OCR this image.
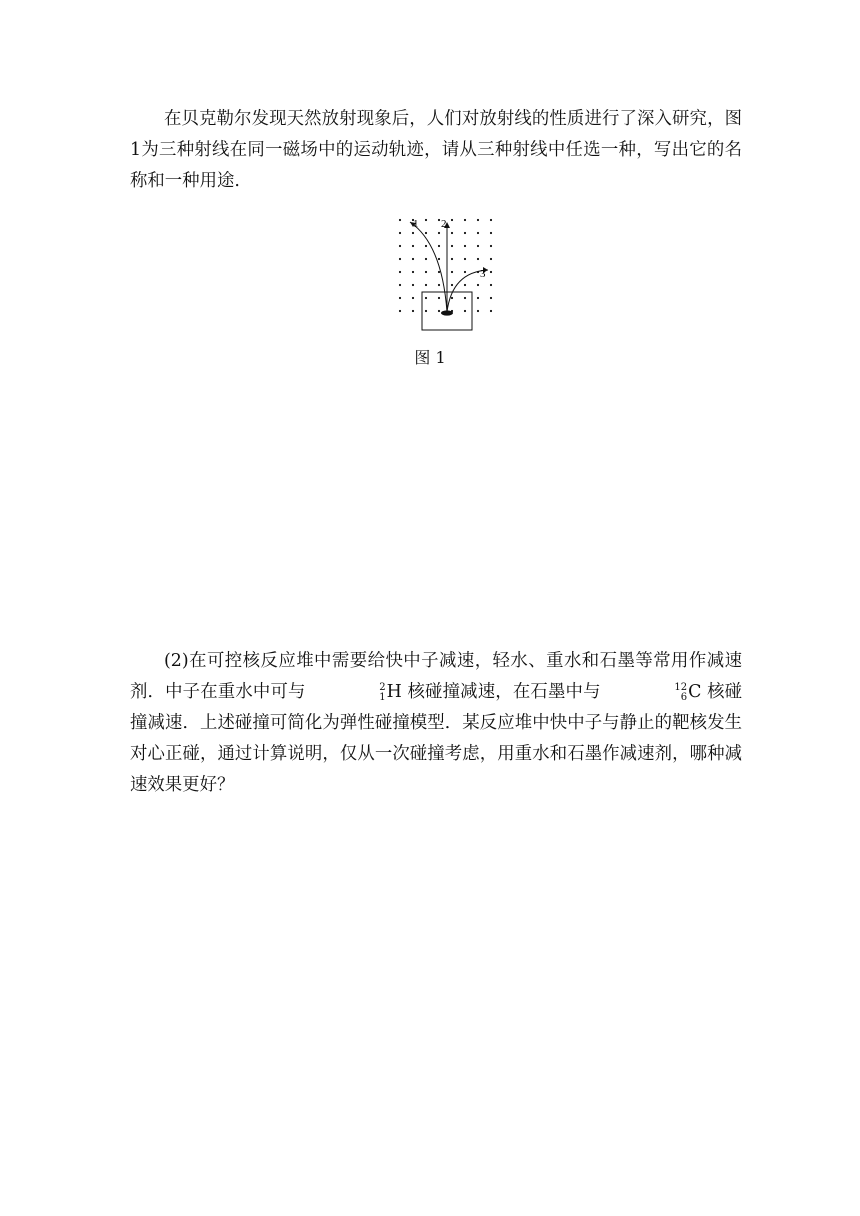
在贝克勒尔发现天然放射现象后，人们对放射线的性质进行了深入研究，图1为三种射线在同一磁场中的运动轨迹，请从三种射线中任选一种，写出它的名称和一种用途.

1 2
3
图 1

(2)在可控核反应堆中需要给快中子减速，轻水、重水和石墨等常用作减速剂．中子在重水中可与	2
1 H 核碰撞减速，在石墨中与	12
6 C 核碰撞减速．上述碰撞可简化为弹性碰撞模型．某反应堆中快中子与静止的靶核发生对心正碰，通过计算说明，仅从一次碰撞考虑，用重水和石墨作减速剂，哪种减速效果更好？
